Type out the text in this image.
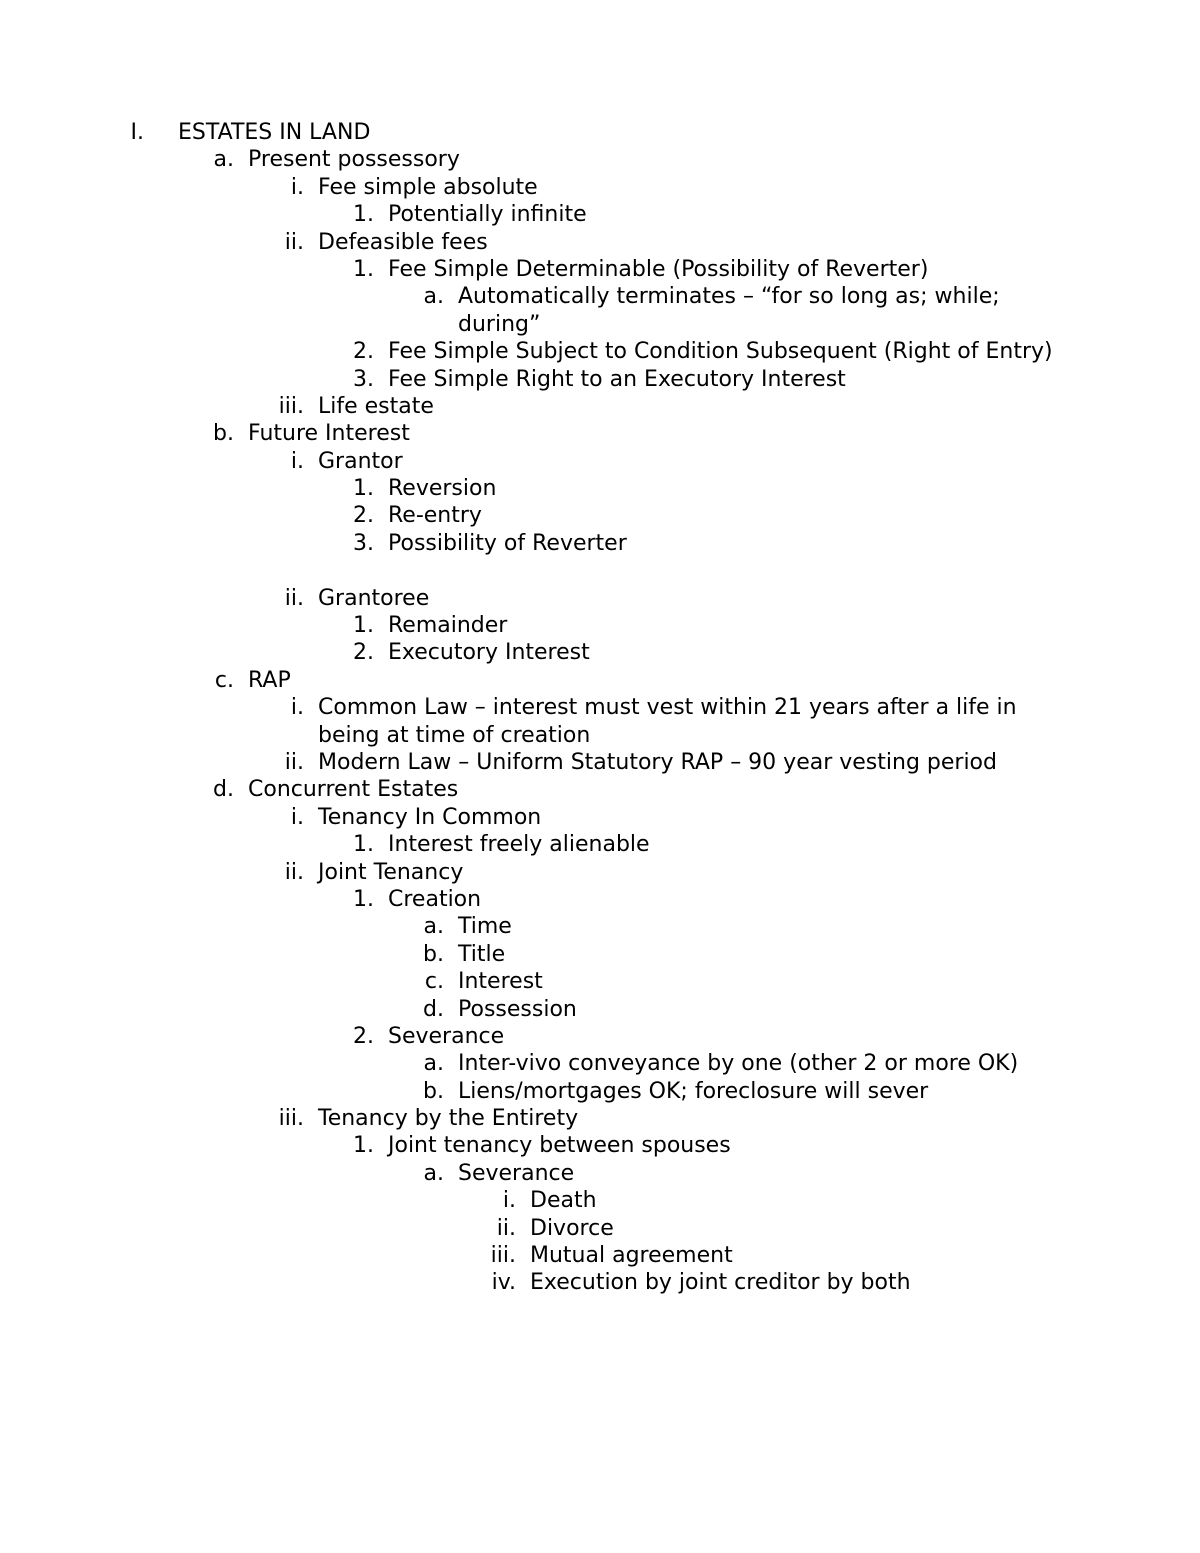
I. ESTATES IN LAND
a. Present possessory
i. Fee simple absolute
1. Potentially infinite
ii. Defeasible fees
1. Fee Simple Determinable (Possibility of Reverter)
a. Automatically terminates – “for so long as; while; during”
2. Fee Simple Subject to Condition Subsequent (Right of Entry)
3. Fee Simple Right to an Executory Interest
iii. Life estate
b. Future Interest
i. Grantor
1. Reversion
2. Re-entry
3. Possibility of Reverter
ii. Grantoree
1. Remainder
2. Executory Interest
c. RAP
i. Common Law – interest must vest within 21 years after a life in being at time of creation
ii. Modern Law – Uniform Statutory RAP – 90 year vesting period
d. Concurrent Estates
i. Tenancy In Common
1. Interest freely alienable
ii. Joint Tenancy
1. Creation
a. Time
b. Title
c. Interest
d. Possession
2. Severance
a. Inter-vivo conveyance by one (other 2 or more OK)
b. Liens/mortgages OK; foreclosure will sever
iii. Tenancy by the Entirety
1. Joint tenancy between spouses
a. Severance
i. Death
ii. Divorce
iii. Mutual agreement
iv. Execution by joint creditor by both
